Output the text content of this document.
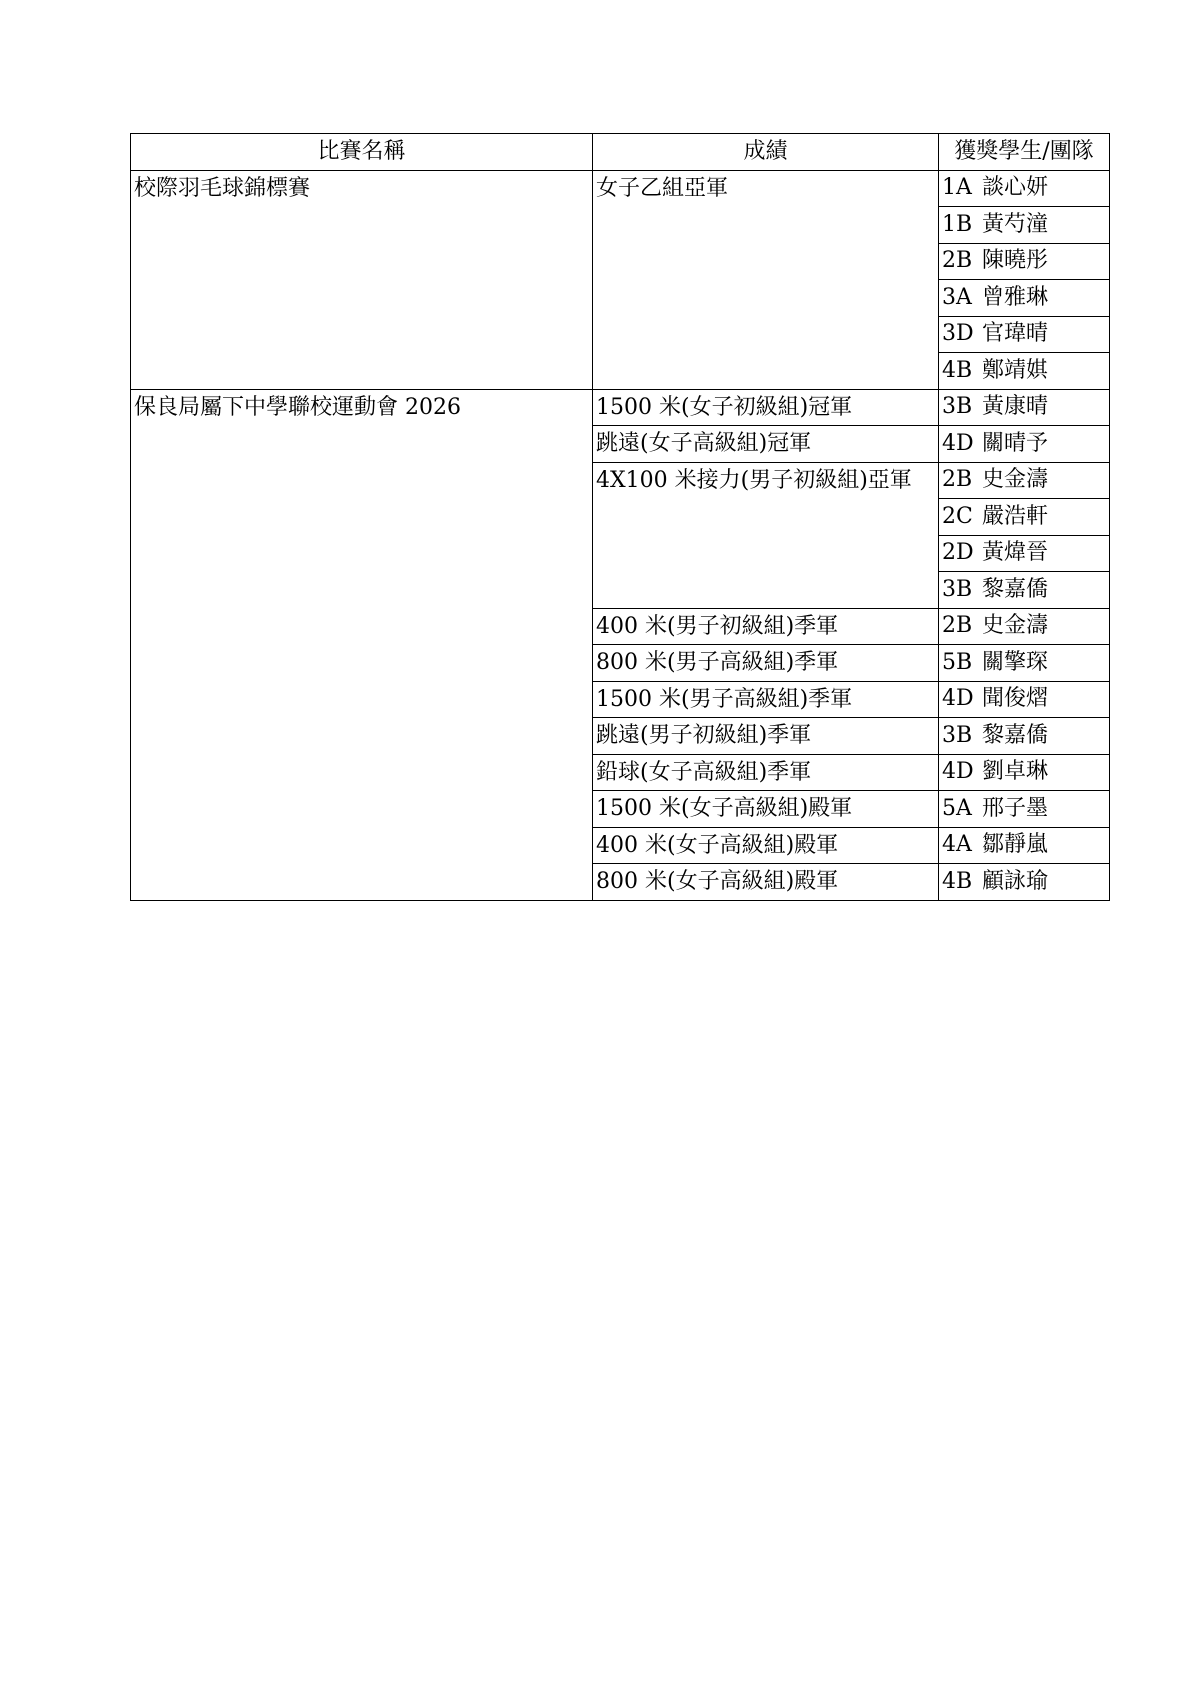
比賽名稱	成績	獲獎學生/團隊
校際羽毛球錦標賽	女子乙組亞軍	1A 談心妍
		1B 黃芍潼
		2B 陳曉彤
		3A 曾雅琳
		3D 官瑋晴
		4B 鄭靖娸
保良局屬下中學聯校運動會 2026	1500 米(女子初級組)冠軍	3B 黃康晴
	跳遠(女子高級組)冠軍	4D 關晴予
	4X100 米接力(男子初級組)亞軍	2B 史金濤
		2C 嚴浩軒
		2D 黃煒晉
		3B 黎嘉僑
	400 米(男子初級組)季軍	2B 史金濤
	800 米(男子高級組)季軍	5B 關擎琛
	1500 米(男子高級組)季軍	4D 聞俊熠
	跳遠(男子初級組)季軍	3B 黎嘉僑
	鉛球(女子高級組)季軍	4D 劉卓琳
	1500 米(女子高級組)殿軍	5A 邢子墨
	400 米(女子高級組)殿軍	4A 鄒靜嵐
	800 米(女子高級組)殿軍	4B 顧詠瑜
